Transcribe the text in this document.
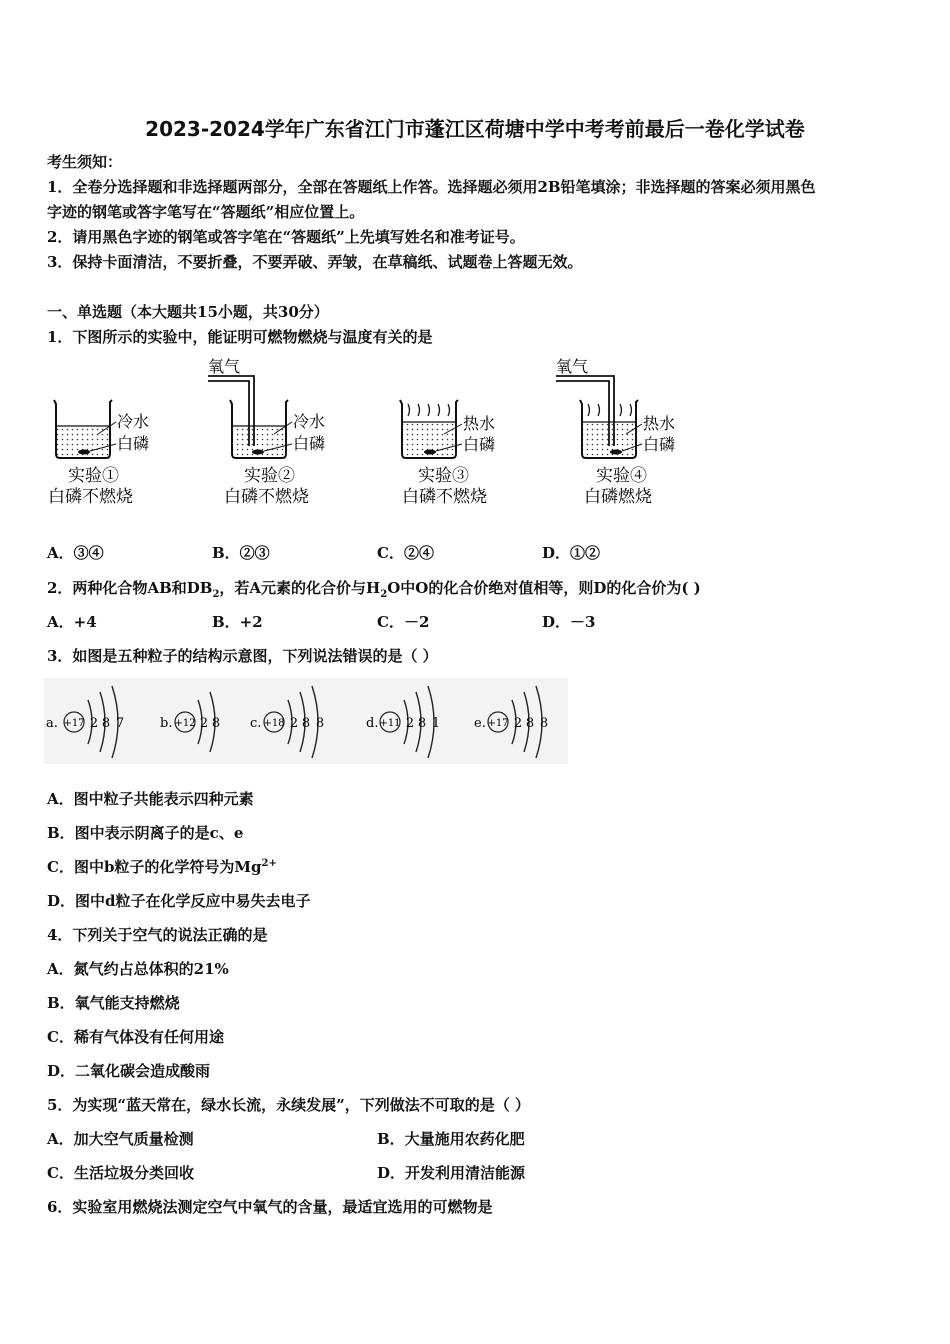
2023-2024学年广东省江门市蓬江区荷塘中学中考考前最后一卷化学试卷
考生须知：
1．全卷分选择题和非选择题两部分，全部在答题纸上作答。选择题必须用2B铅笔填涂；非选择题的答案必须用黑色
字迹的钢笔或答字笔写在“答题纸”相应位置上。
2．请用黑色字迹的钢笔或答字笔在“答题纸”上先填写姓名和准考证号。
3．保持卡面清洁，不要折叠，不要弄破、弄皱，在草稿纸、试题卷上答题无效。
一、单选题（本大题共15小题，共30分）
1．下图所示的实验中，能证明可燃物燃烧与温度有关的是
冷水
白磷
实验①
白磷不燃烧
氧气
冷水
白磷
实验②
白磷不燃烧
热水
白磷
实验③
白磷不燃烧
氧气
热水
白磷
实验④
白磷燃烧
A．③④	B．②③	C．②④	D．①②
2．两种化合物AB和$DB_2$，若A元素的化合价与$H_2O$中O的化合价绝对值相等，则D的化合价为( )
A．+4	B．+2	C．－2	D．－3
3．如图是五种粒子的结构示意图，下列说法错误的是（ ）
a. +17 2 8 7	b. +12 2 8 c. +18 2 8 8	d. +11 2 8 1	e. +17 2 8 8
A．图中粒子共能表示四种元素
B．图中表示阴离子的是c、e
C．图中b粒子的化学符号为$Mg^{2+}$
D．图中d粒子在化学反应中易失去电子
4．下列关于空气的说法正确的是
A．氮气约占总体积的21%
B．氧气能支持燃烧
C．稀有气体没有任何用途
D．二氧化碳会造成酸雨
5．为实现“蓝天常在，绿水长流，永续发展”，下列做法不可取的是（ ）
A．加大空气质量检测	B．大量施用农药化肥
C．生活垃圾分类回收	D．开发利用清洁能源
6．实验室用燃烧法测定空气中氧气的含量，最适宜选用的可燃物是
